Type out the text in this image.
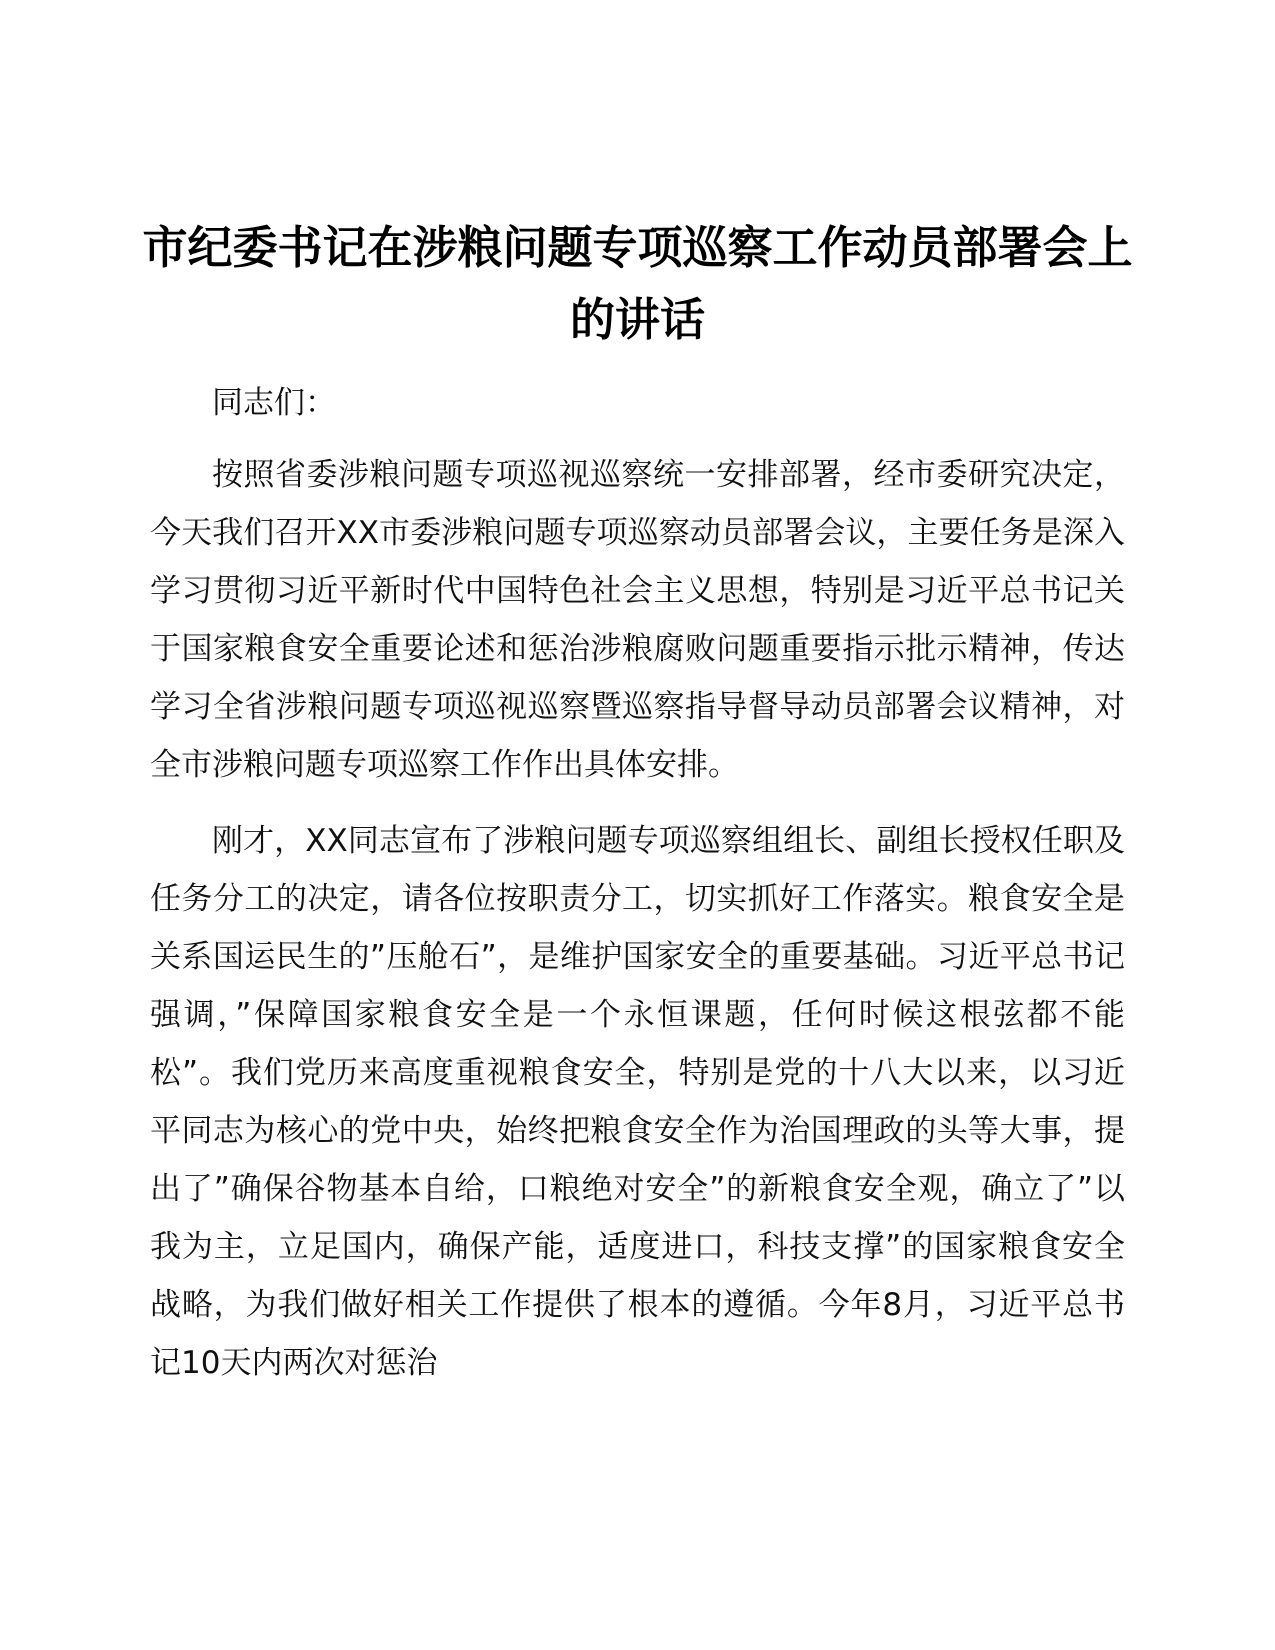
市纪委书记在涉粮问题专项巡察工作动员部署会上的讲话

同志们：

按照省委涉粮问题专项巡视巡察统一安排部署，经市委研究决定，今天我们召开XX市委涉粮问题专项巡察动员部署会议，主要任务是深入学习贯彻习近平新时代中国特色社会主义思想，特别是习近平总书记关于国家粮食安全重要论述和惩治涉粮腐败问题重要指示批示精神，传达学习全省涉粮问题专项巡视巡察暨巡察指导督导动员部署会议精神，对全市涉粮问题专项巡察工作作出具体安排。

刚才，XX同志宣布了涉粮问题专项巡察组组长、副组长授权任职及任务分工的决定，请各位按职责分工，切实抓好工作落实。粮食安全是关系国运民生的”压舱石”，是维护国家安全的重要基础。习近平总书记强调，”保障国家粮食安全是一个永恒课题，任何时候这根弦都不能松”。我们党历来高度重视粮食安全，特别是党的十八大以来，以习近平同志为核心的党中央，始终把粮食安全作为治国理政的头等大事，提出了”确保谷物基本自给，口粮绝对安全”的新粮食安全观，确立了”以我为主，立足国内，确保产能，适度进口，科技支撑”的国家粮食安全战略，为我们做好相关工作提供了根本的遵循。今年8月，习近平总书记10天内两次对惩治
